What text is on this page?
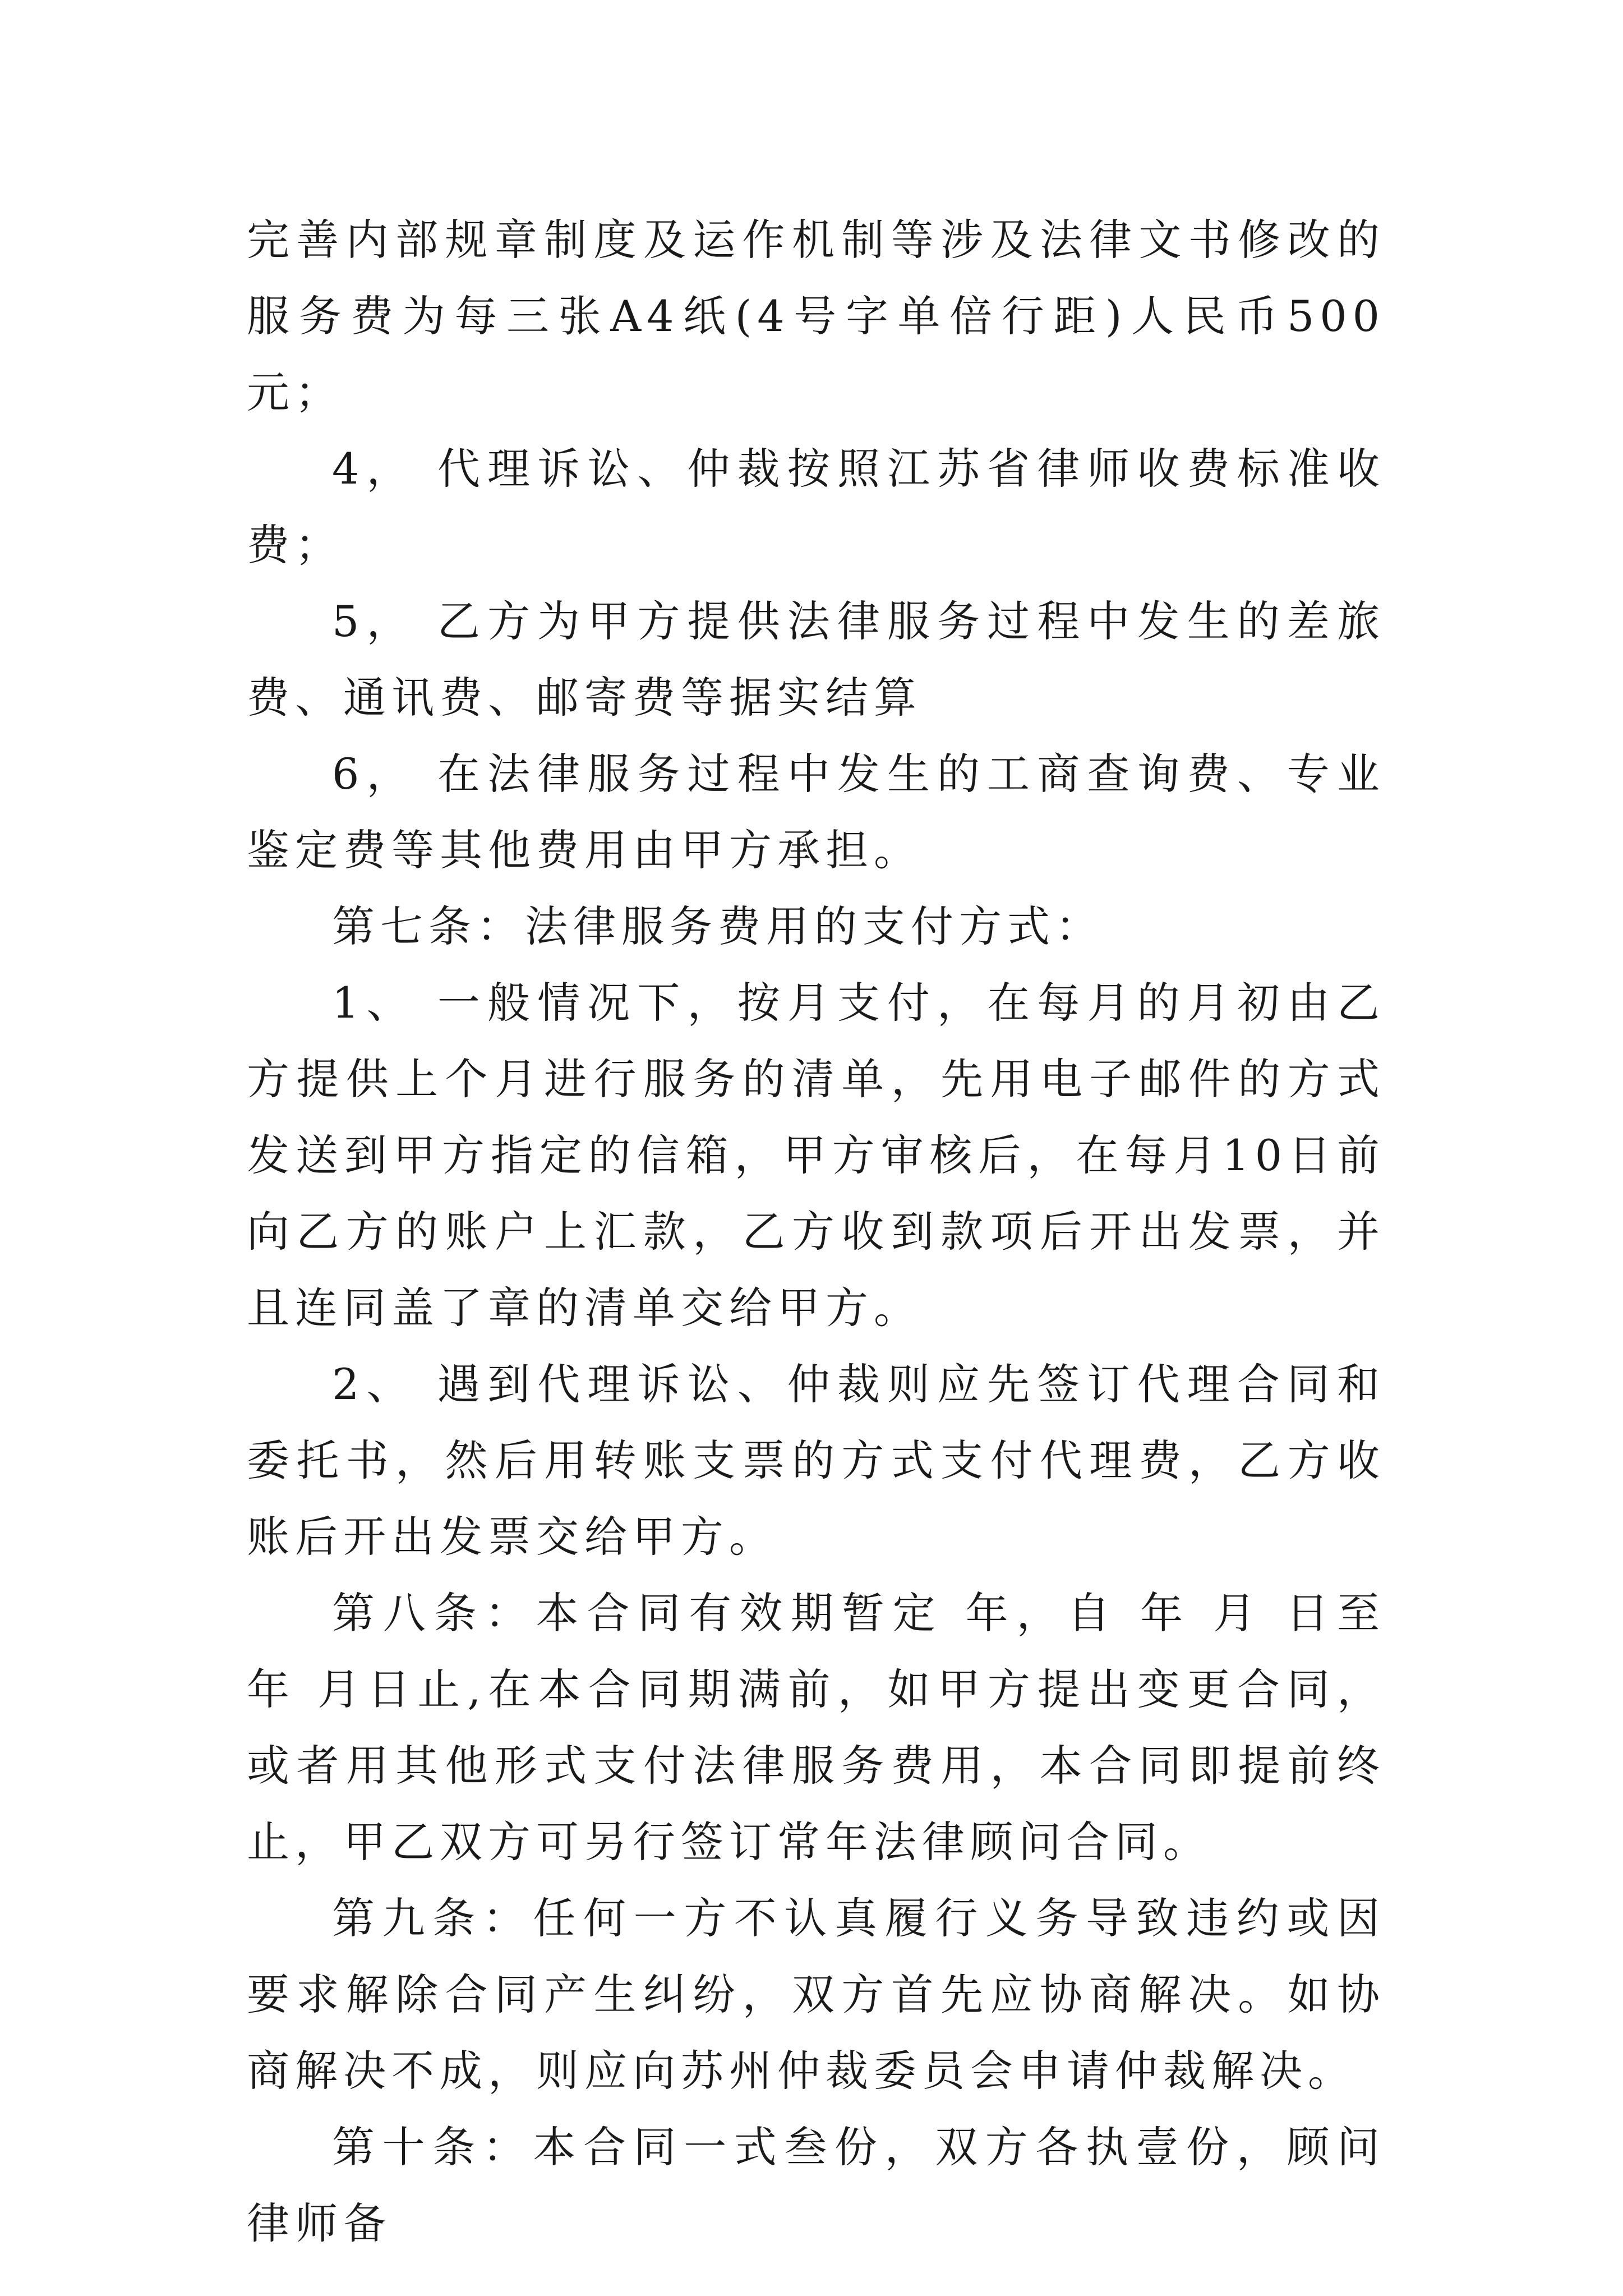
完善内部规章制度及运作机制等涉及法律文书修改的服务费为每三张A4纸(4号字单倍行距)人民币500元；

4， 代理诉讼、仲裁按照江苏省律师收费标准收费；

5， 乙方为甲方提供法律服务过程中发生的差旅费、通讯费、邮寄费等据实结算

6， 在法律服务过程中发生的工商查询费、专业鉴定费等其他费用由甲方承担。

第七条：法律服务费用的支付方式：

1、 一般情况下，按月支付，在每月的月初由乙方提供上个月进行服务的清单，先用电子邮件的方式发送到甲方指定的信箱，甲方审核后，在每月10日前向乙方的账户上汇款，乙方收到款项后开出发票，并且连同盖了章的清单交给甲方。

2、 遇到代理诉讼、仲裁则应先签订代理合同和委托书，然后用转账支票的方式支付代理费，乙方收账后开出发票交给甲方。

第八条：本合同有效期暂定 年，自 年 月 日至 年 月日止,在本合同期满前，如甲方提出变更合同，或者用其他形式支付法律服务费用，本合同即提前终止，甲乙双方可另行签订常年法律顾问合同。

第九条：任何一方不认真履行义务导致违约或因要求解除合同产生纠纷，双方首先应协商解决。如协商解决不成，则应向苏州仲裁委员会申请仲裁解决。

第十条：本合同一式叁份，双方各执壹份，顾问律师备
